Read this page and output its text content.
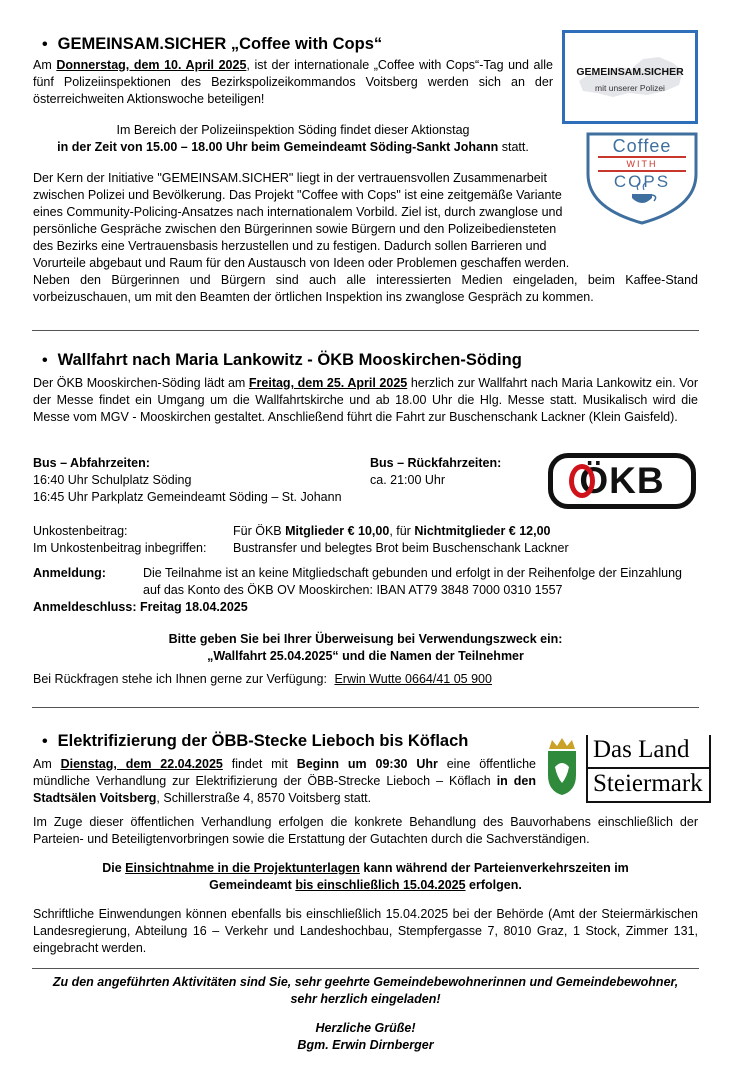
• GEMEINSAM.SICHER „Coffee with Cops“
Am Donnerstag, dem 10. April 2025, ist der internationale „Coffee with Cops“-Tag und alle fünf Polizeiinspektionen des Bezirkspolizeikommandos Voitsberg werden sich an der österreichweiten Aktionswoche beteiligen!
Im Bereich der Polizeiinspektion Söding findet dieser Aktionstag
in der Zeit von 15.00 – 18.00 Uhr beim Gemeindeamt Söding-Sankt Johann statt.
Der Kern der Initiative "GEMEINSAM.SICHER" liegt in der vertrauensvollen Zusammenarbeit zwischen Polizei und Bevölkerung. Das Projekt "Coffee with Cops" ist eine zeitgemäße Variante eines Community-Policing-Ansatzes nach internationalem Vorbild. Ziel ist, durch zwanglose und persönliche Gespräche zwischen den Bürgerinnen sowie Bürgern und den Polizeibediensteten des Bezirks eine Vertrauensbasis herzustellen und zu festigen. Dadurch sollen Barrieren und Vorurteile abgebaut und Raum für den Austausch von Ideen oder Problemen geschaffen werden.
Neben den Bürgerinnen und Bürgern sind auch alle interessierten Medien eingeladen, beim Kaffee-Stand vorbeizuschauen, um mit den Beamten der örtlichen Inspektion ins zwanglose Gespräch zu kommen.
GEMEINSAM.SICHER
mit unserer Polizei
Coffee
WITH
COPS
• Wallfahrt nach Maria Lankowitz - ÖKB Mooskirchen-Söding
Der ÖKB Mooskirchen-Söding lädt am Freitag, dem 25. April 2025 herzlich zur Wallfahrt nach Maria Lankowitz ein. Vor der Messe findet ein Umgang um die Wallfahrtskirche und ab 18.00 Uhr die Hlg. Messe statt. Musikalisch wird die Messe vom MGV - Mooskirchen gestaltet. Anschließend führt die Fahrt zur Buschenschank Lackner (Klein Gaisfeld).
Bus – Abfahrzeiten:
16:40 Uhr Schulplatz Söding
16:45 Uhr Parkplatz Gemeindeamt Söding – St. Johann
Bus – Rückfahrzeiten:
ca. 21:00 Uhr	ÖKB
Unkostenbeitrag:	Für ÖKB Mitglieder € 10,00, für Nichtmitglieder € 12,00
Im Unkostenbeitrag inbegriffen: Bustransfer und belegtes Brot beim Buschenschank Lackner
Anmeldung:	Die Teilnahme ist an keine Mitgliedschaft gebunden und erfolgt in der Reihenfolge der Einzahlung auf das Konto des ÖKB OV Mooskirchen: IBAN AT79 3848 7000 0310 1557
Anmeldeschluss: Freitag 18.04.2025
Bitte geben Sie bei Ihrer Überweisung bei Verwendungszweck ein:
„Wallfahrt 25.04.2025“ und die Namen der Teilnehmer
Bei Rückfragen stehe ich Ihnen gerne zur Verfügung: Erwin Wutte 0664/41 05 900
• Elektrifizierung der ÖBB-Stecke Lieboch bis Köflach
Am Dienstag, dem 22.04.2025 findet mit Beginn um 09:30 Uhr eine öffentliche mündliche Verhandlung zur Elektrifizierung der ÖBB-Strecke Lieboch – Köflach in den Stadtsälen Voitsberg, Schillerstraße 4, 8570 Voitsberg statt.
Das Land
Steiermark
Im Zuge dieser öffentlichen Verhandlung erfolgen die konkrete Behandlung des Bauvorhabens einschließlich der Parteien- und Beteiligtenvorbringen sowie die Erstattung der Gutachten durch die Sachverständigen.
Die Einsichtnahme in die Projektunterlagen kann während der Parteienverkehrszeiten im
Gemeindeamt bis einschließlich 15.04.2025 erfolgen.
Schriftliche Einwendungen können ebenfalls bis einschließlich 15.04.2025 bei der Behörde (Amt der Steiermärkischen Landesregierung, Abteilung 16 – Verkehr und Landeshochbau, Stempfergasse 7, 8010 Graz, 1 Stock, Zimmer 131, eingebracht werden.
Zu den angeführten Aktivitäten sind Sie, sehr geehrte Gemeindebewohnerinnen und Gemeindebewohner,
sehr herzlich eingeladen!
Herzliche Grüße!
Bgm. Erwin Dirnberger
